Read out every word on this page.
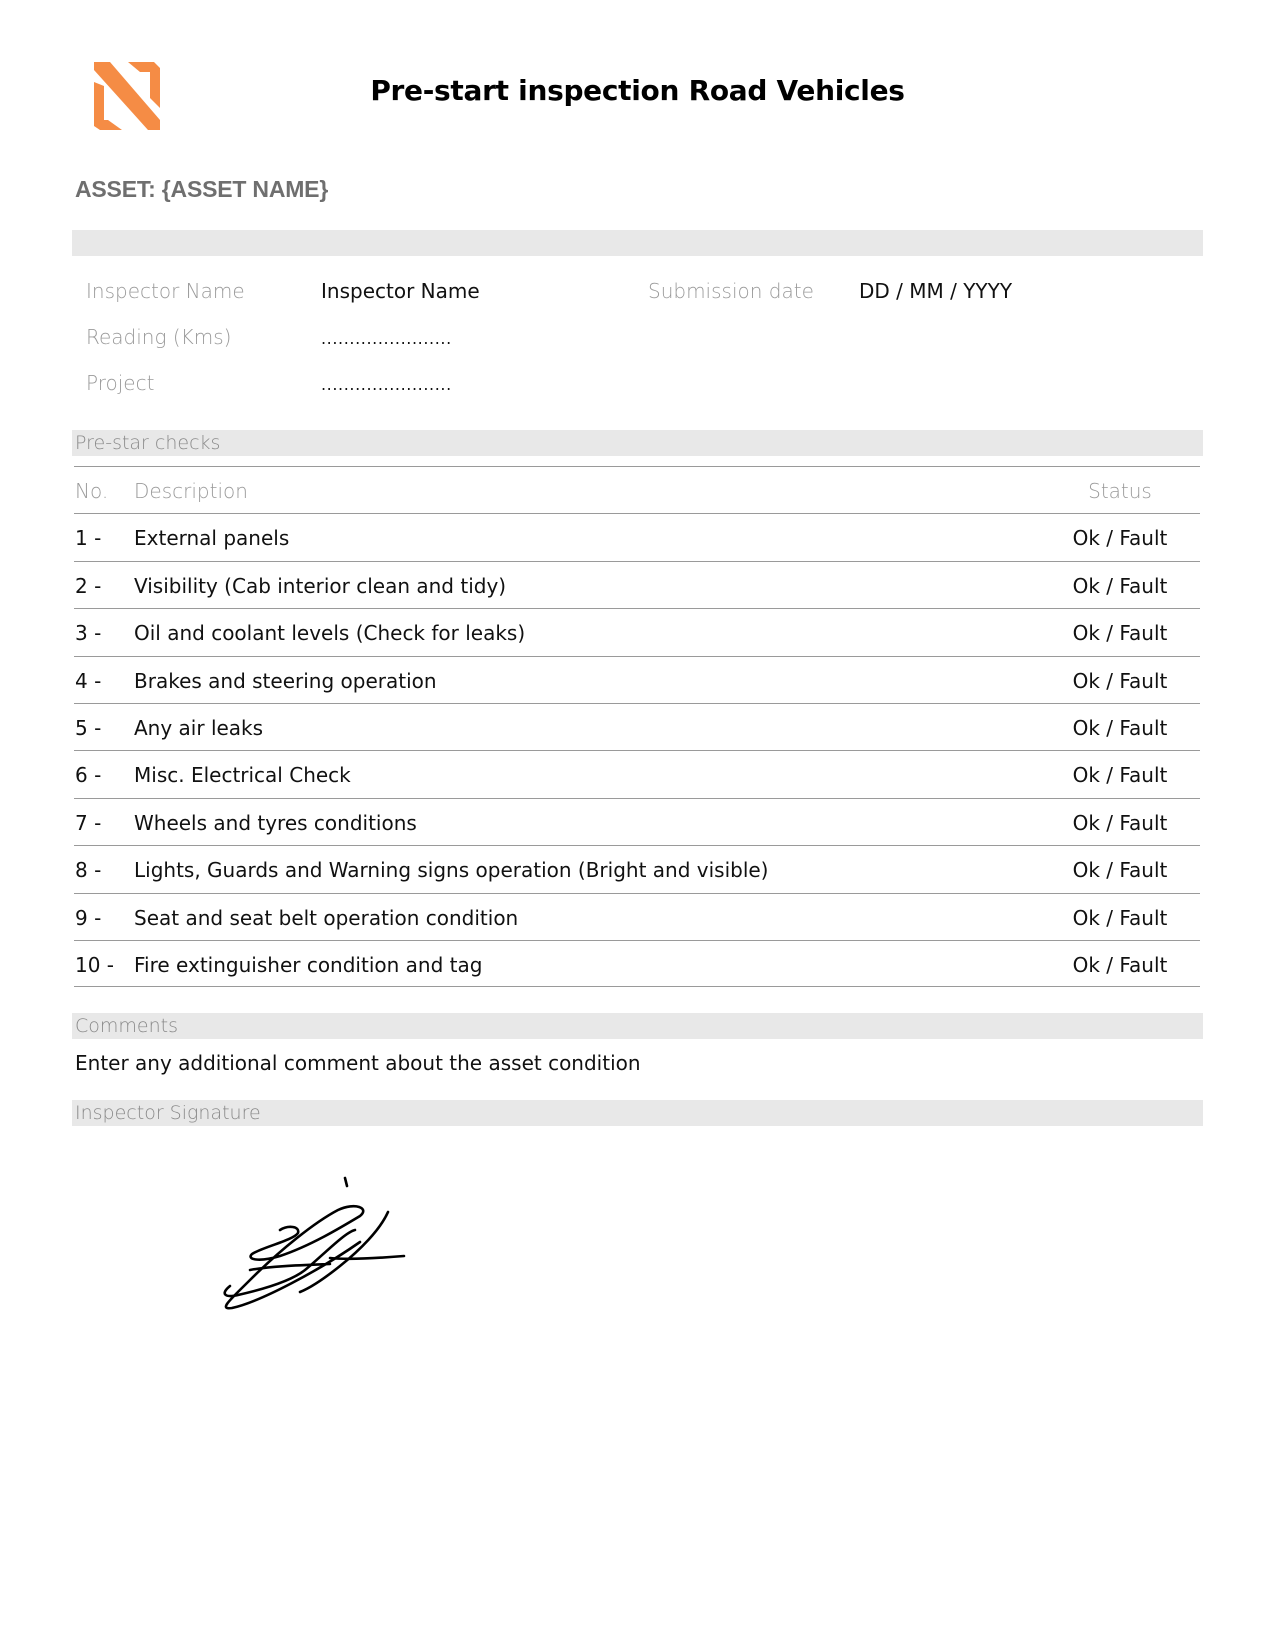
Pre-start inspection Road Vehicles
ASSET: {ASSET NAME}
Inspector Name	Inspector Name	Submission date DD / MM / YYYY
Reading (Kms)	.......................
Project	.......................
Pre-star checks
No. Description	Status
1 - External panels	Ok / Fault
2 - Visibility (Cab interior clean and tidy)	Ok / Fault
3 - Oil and coolant levels (Check for leaks)	Ok / Fault
4 - Brakes and steering operation	Ok / Fault
5 - Any air leaks	Ok / Fault
6 - Misc. Electrical Check	Ok / Fault
7 - Wheels and tyres conditions	Ok / Fault
8 - Lights, Guards and Warning signs operation (Bright and visible)	Ok / Fault
9 - Seat and seat belt operation condition	Ok / Fault
10 - Fire extinguisher condition and tag	Ok / Fault
Comments
Enter any additional comment about the asset condition
Inspector Signature
